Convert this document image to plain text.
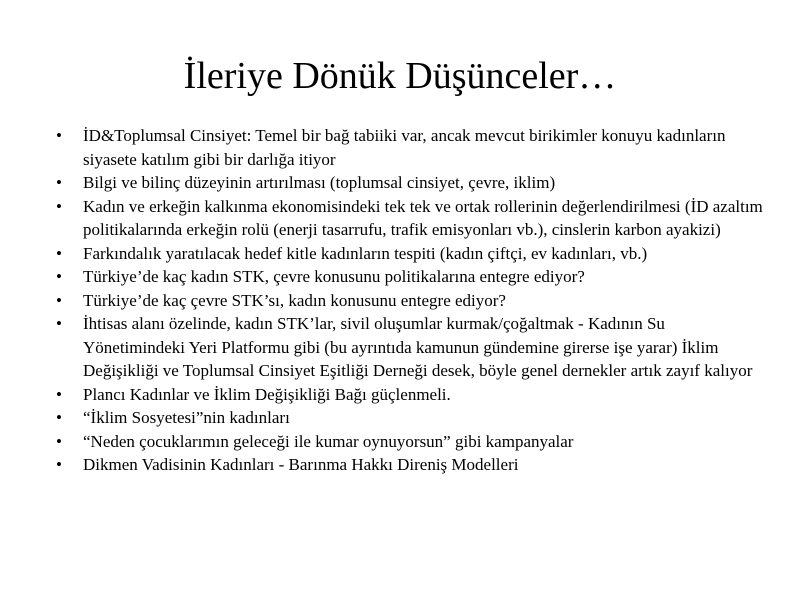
İleriye Dönük Düşünceler…
• İD&Toplumsal Cinsiyet: Temel bir bağ tabiiki var, ancak mevcut birikimler konuyu kadınların siyasete katılım gibi bir darlığa itiyor
• Bilgi ve bilinç düzeyinin artırılması (toplumsal cinsiyet, çevre, iklim)
• Kadın ve erkeğin kalkınma ekonomisindeki tek tek ve ortak rollerinin değerlendirilmesi (İD azaltım politikalarında erkeğin rolü (enerji tasarrufu, trafik emisyonları vb.), cinslerin karbon ayakizi)
• Farkındalık yaratılacak hedef kitle kadınların tespiti (kadın çiftçi, ev kadınları, vb.)
• Türkiye’de kaç kadın STK, çevre konusunu politikalarına entegre ediyor?
• Türkiye’de kaç çevre STK’sı, kadın konusunu entegre ediyor?
• İhtisas alanı özelinde, kadın STK’lar, sivil oluşumlar kurmak/çoğaltmak - Kadının Su Yönetimindeki Yeri Platformu gibi (bu ayrıntıda kamunun gündemine girerse işe yarar) İklim Değişikliği ve Toplumsal Cinsiyet Eşitliği Derneği desek, böyle genel dernekler artık zayıf kalıyor
• Plancı Kadınlar ve İklim Değişikliği Bağı güçlenmeli.
• “İklim Sosyetesi”nin kadınları
• “Neden çocuklarımın geleceği ile kumar oynuyorsun” gibi kampanyalar
• Dikmen Vadisinin Kadınları - Barınma Hakkı Direniş Modelleri
